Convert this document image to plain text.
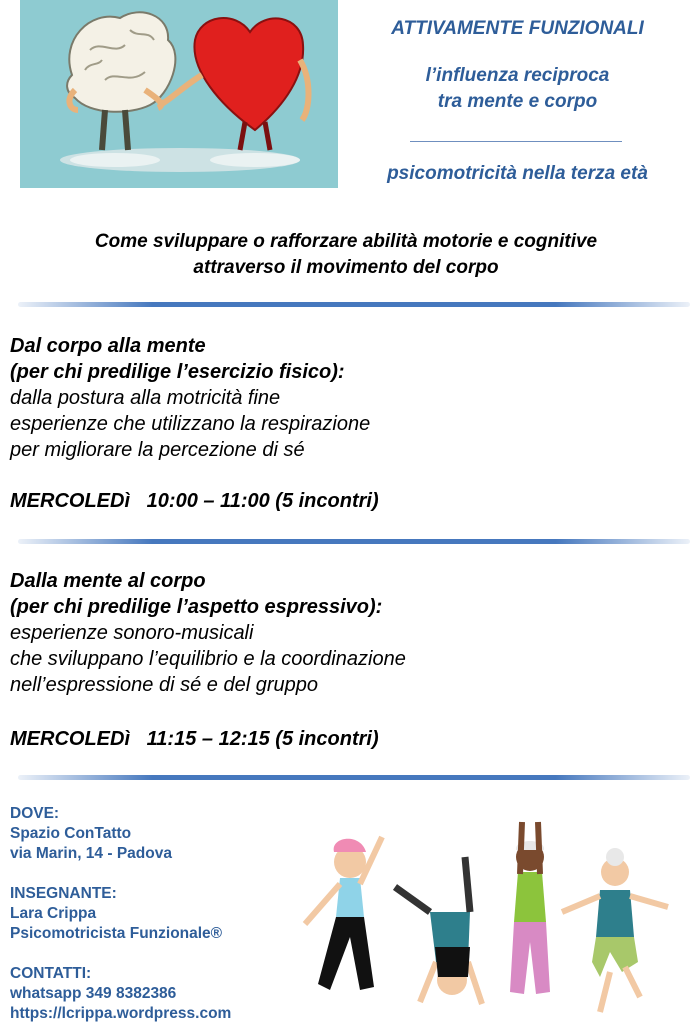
ATTIVAMENTE FUNZIONALI
l’influenza reciproca
tra mente e corpo
psicomotricità nella terza età
Come sviluppare o rafforzare abilità motorie e cognitive
attraverso il movimento del corpo
Dal corpo alla mente
(per chi predilige l’esercizio fisico):
dalla postura alla motricità fine
esperienze che utilizzano la respirazione
per migliorare la percezione di sé
MERCOLEDì   10:00 – 11:00 (5 incontri)
Dalla mente al corpo
(per chi predilige l’aspetto espressivo):
esperienze sonoro-musicali
che sviluppano l’equilibrio e la coordinazione
nell’espressione di sé e del gruppo
MERCOLEDì   11:15 – 12:15 (5 incontri)
DOVE:
Spazio ConTatto
via Marin, 14 - Padova
INSEGNANTE:
Lara Crippa
Psicomotricista Funzionale®
CONTATTI:
whatsapp 349 8382386
https://lcrippa.wordpress.com
